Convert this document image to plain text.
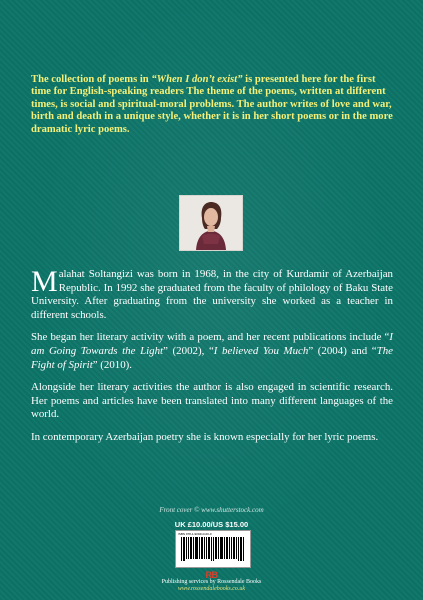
The collection of poems in “When I don’t exist” is presented here for the first time for English-speaking readers The theme of the poems, written at different times, is social and spiritual-moral problems. The author writes of love and war, birth and death in a unique style, whether it is in her short poems or in the more dramatic lyric poems.

Malahat Soltangizi was born in 1968, in the city of Kurdamir of Azerbaijan Republic. In 1992 she graduated from the faculty of philology of Baku State University. After graduating from the university she worked as a teacher in different schools.

She began her literary activity with a poem, and her recent publications include “I am Going Towards the Light” (2002), “I believed You Much” (2004) and “The Fight of Spirit” (2010).

Alongside her literary activities the author is also engaged in scientific research. Her poems and articles have been translated into many different languages of the world.

In contemporary Azerbaijan poetry she is known especially for her lyric poems.

Front cover © www.shutterstock.com
UK £10.00/US $15.00
ISBN 978-1-909413-00-0
RB
Publishing services by Rossendale Books
www.rossendalebooks.co.uk
